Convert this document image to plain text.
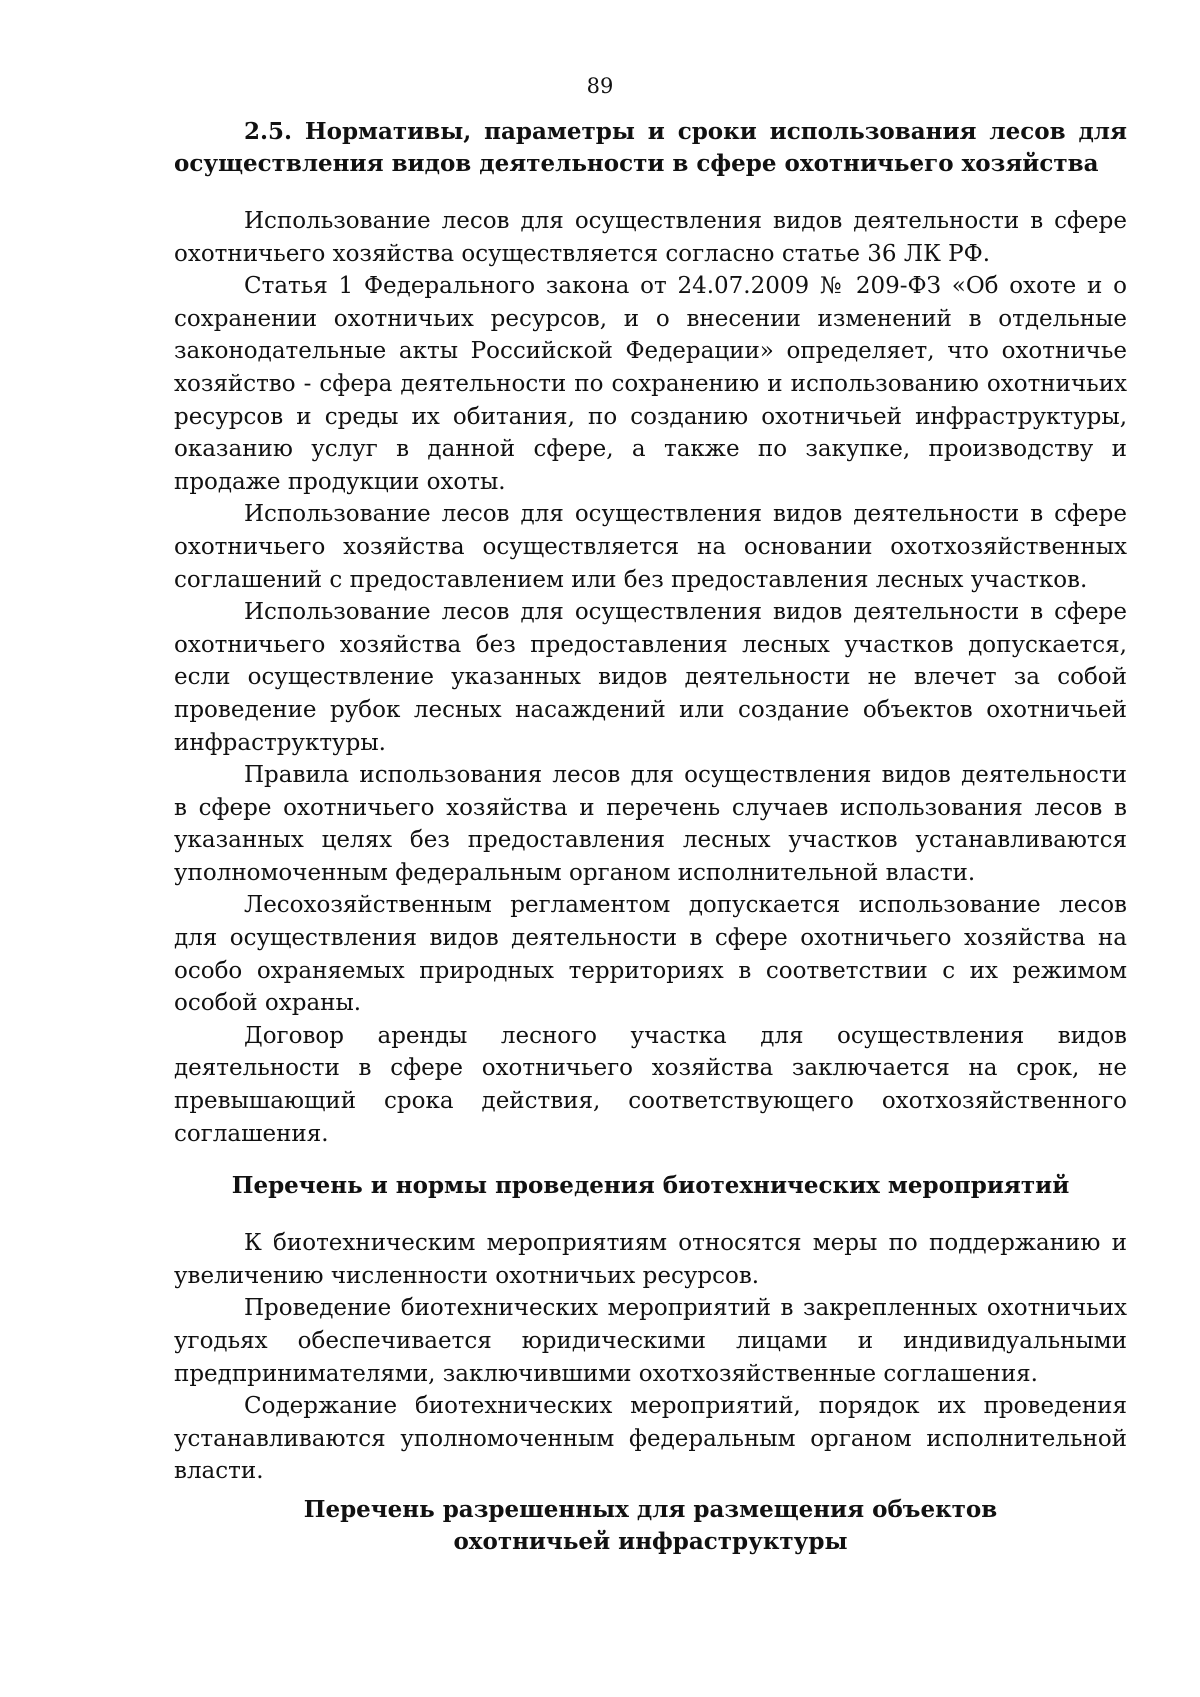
89

2.5. Нормативы, параметры и сроки использования лесов для осуществления видов деятельности в сфере охотничьего хозяйства

Использование лесов для осуществления видов деятельности в сфере охотничьего хозяйства осуществляется согласно статье 36 ЛК РФ.

Статья 1 Федерального закона от 24.07.2009 № 209-ФЗ «Об охоте и о сохранении охотничьих ресурсов, и о внесении изменений в отдельные законодательные акты Российской Федерации» определяет, что охотничье хозяйство - сфера деятельности по сохранению и использованию охотничьих ресурсов и среды их обитания, по созданию охотничьей инфраструктуры, оказанию услуг в данной сфере, а также по закупке, производству и продаже продукции охоты.

Использование лесов для осуществления видов деятельности в сфере охотничьего хозяйства осуществляется на основании охотхозяйственных соглашений с предоставлением или без предоставления лесных участков.

Использование лесов для осуществления видов деятельности в сфере охотничьего хозяйства без предоставления лесных участков допускается, если осуществление указанных видов деятельности не влечет за собой проведение рубок лесных насаждений или создание объектов охотничьей инфраструктуры.

Правила использования лесов для осуществления видов деятельности в сфере охотничьего хозяйства и перечень случаев использования лесов в указанных целях без предоставления лесных участков устанавливаются уполномоченным федеральным органом исполнительной власти.

Лесохозяйственным регламентом допускается использование лесов для осуществления видов деятельности в сфере охотничьего хозяйства на особо охраняемых природных территориях в соответствии с их режимом особой охраны.

Договор аренды лесного участка для осуществления видов деятельности в сфере охотничьего хозяйства заключается на срок, не превышающий срока действия, соответствующего охотхозяйственного соглашения.

Перечень и нормы проведения биотехнических мероприятий

К биотехническим мероприятиям относятся меры по поддержанию и увеличению численности охотничьих ресурсов.

Проведение биотехнических мероприятий в закрепленных охотничьих угодьях обеспечивается юридическими лицами и индивидуальными предпринимателями, заключившими охотхозяйственные соглашения.

Содержание биотехнических мероприятий, порядок их проведения устанавливаются уполномоченным федеральным органом исполнительной власти.

Перечень разрешенных для размещения объектов
охотничьей инфраструктуры
